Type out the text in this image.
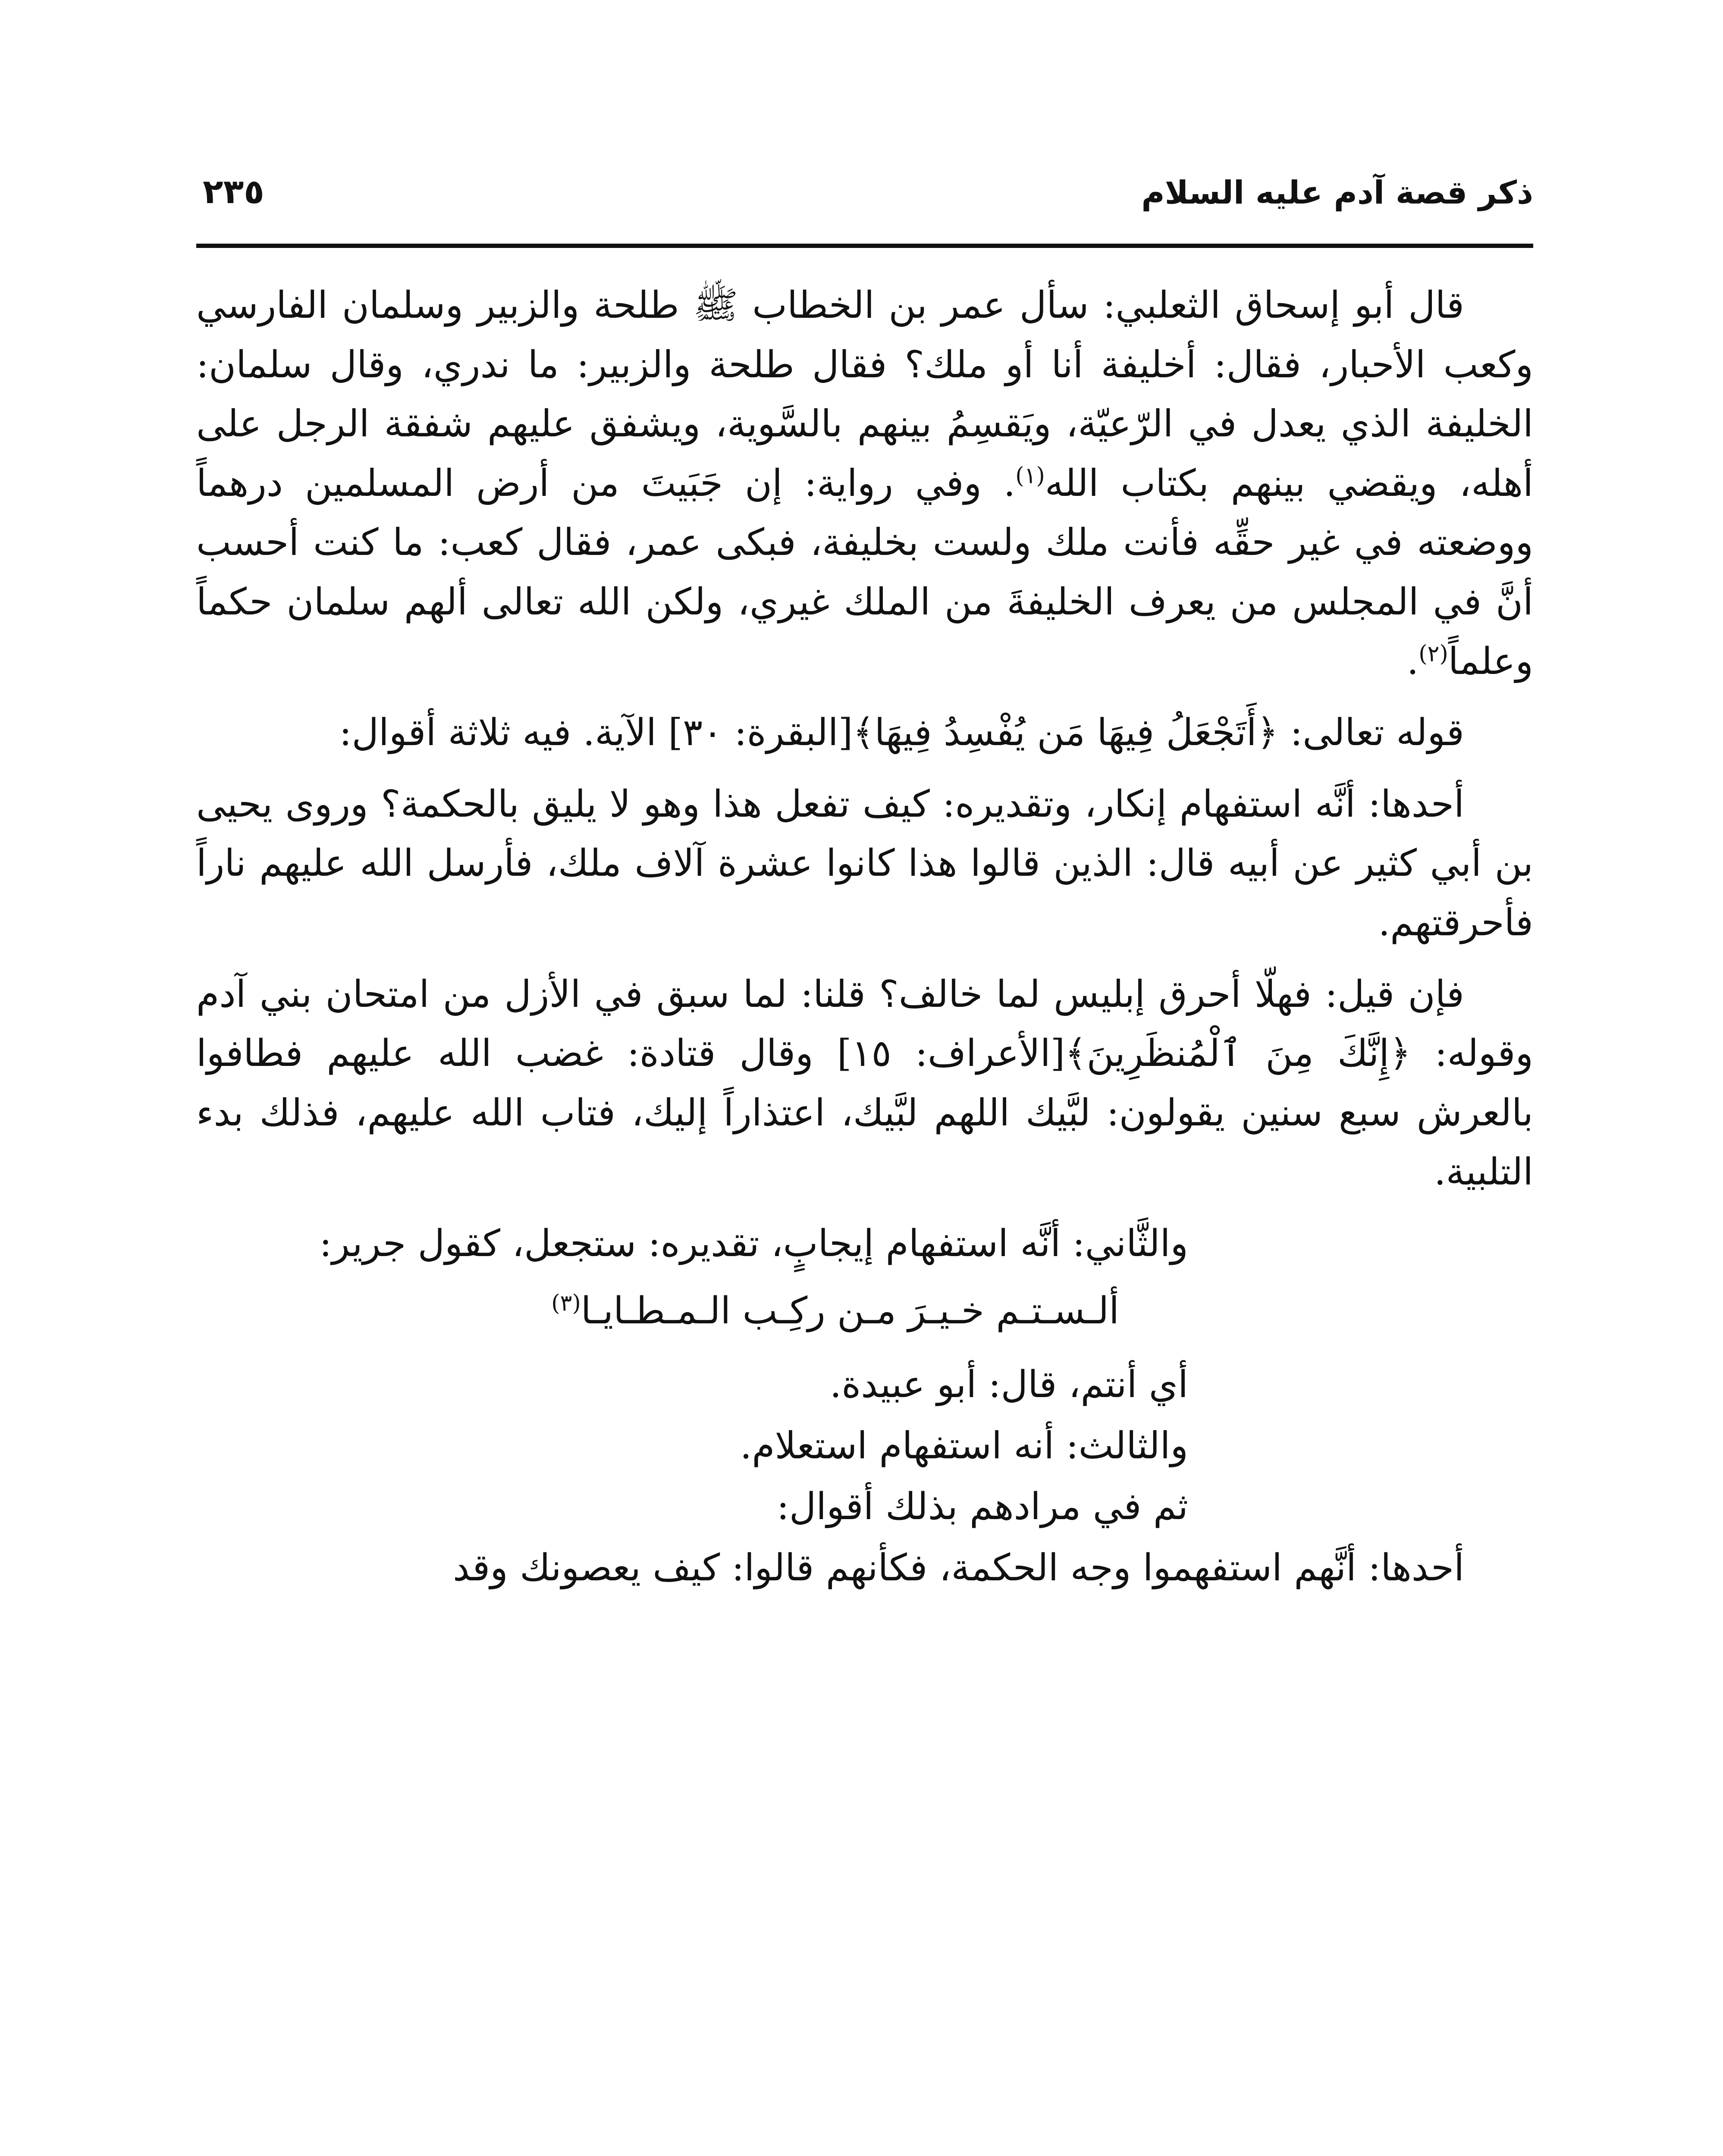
ذكر قصة آدم عليه السلام
٢٣٥

قال أبو إسحاق الثعلبي: سأل عمر بن الخطاب ﷺ طلحة والزبير وسلمان الفارسي وكعب الأحبار، فقال: أخليفة أنا أو ملك؟ فقال طلحة والزبير: ما ندري، وقال سلمان: الخليفة الذي يعدل في الرّعيّة، ويَقسِمُ بينهم بالسَّوية، ويشفق عليهم شفقة الرجل على أهله، ويقضي بينهم بكتاب الله$^{(١)}$. وفي رواية: إن جَبَيتَ من أرض المسلمين درهماً ووضعته في غير حقِّه فأنت ملك ولست بخليفة، فبكى عمر، فقال كعب: ما كنت أحسب أنَّ في المجلس من يعرف الخليفةَ من الملك غيري، ولكن الله تعالى ألهم سلمان حكماً وعلماً$^{(٢)}$.

قوله تعالى: ﴿أَتَجْعَلُ فِيهَا مَن يُفْسِدُ فِيهَا﴾[البقرة: ٣٠] الآية. فيه ثلاثة أقوال:

أحدها: أنَّه استفهام إنكار، وتقديره: كيف تفعل هذا وهو لا يليق بالحكمة؟ وروى يحيى بن أبي كثير عن أبيه قال: الذين قالوا هذا كانوا عشرة آلاف ملك، فأرسل الله عليهم ناراً فأحرقتهم.

فإن قيل: فهلّا أحرق إبليس لما خالف؟ قلنا: لما سبق في الأزل من امتحان بني آدم وقوله: ﴿إِنَّكَ مِنَ ٱلْمُنظَرِينَ﴾[الأعراف: ١٥] وقال قتادة: غضب الله عليهم فطافوا بالعرش سبع سنين يقولون: لبَّيك اللهم لبَّيك، اعتذاراً إليك، فتاب الله عليهم، فذلك بدء التلبية.

والثَّاني: أنَّه استفهام إيجابٍ، تقديره: ستجعل، كقول جرير:

ألـسـتـم خـيـرَ مـن ركِـب الـمـطـايـا$^{(٣)}$

أي أنتم، قال: أبو عبيدة.

والثالث: أنه استفهام استعلام.

ثم في مرادهم بذلك أقوال:

أحدها: أنَّهم استفهموا وجه الحكمة، فكأنهم قالوا: كيف يعصونك وقد
